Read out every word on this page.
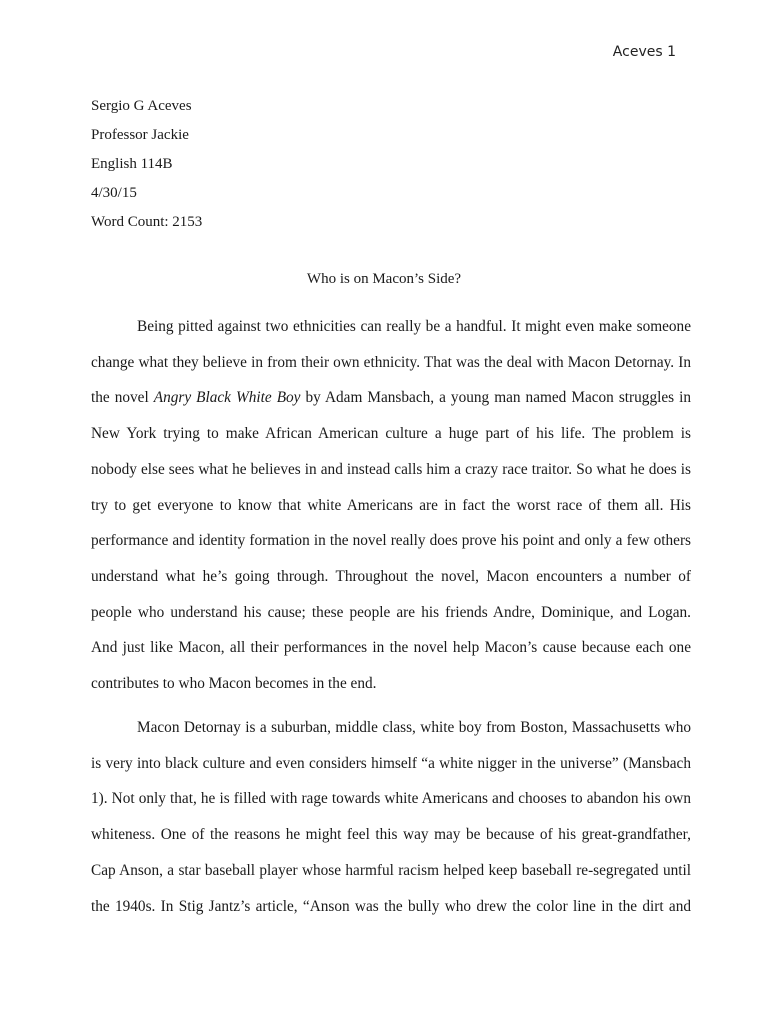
Aceves 1
Sergio G Aceves
Professor Jackie
English 114B
4/30/15
Word Count: 2153
Who is on Macon’s Side?
Being pitted against two ethnicities can really be a handful. It might even make someone
change what they believe in from their own ethnicity. That was the deal with Macon Detornay. In
the novel Angry Black White Boy by Adam Mansbach, a young man named Macon struggles in
New York trying to make African American culture a huge part of his life. The problem is
nobody else sees what he believes in and instead calls him a crazy race traitor. So what he does is
try to get everyone to know that white Americans are in fact the worst race of them all. His
performance and identity formation in the novel really does prove his point and only a few others
understand what he’s going through. Throughout the novel, Macon encounters a number of
people who understand his cause; these people are his friends Andre, Dominique, and Logan.
And just like Macon, all their performances in the novel help Macon’s cause because each one
contributes to who Macon becomes in the end.
Macon Detornay is a suburban, middle class, white boy from Boston, Massachusetts who
is very into black culture and even considers himself “a white nigger in the universe” (Mansbach
1). Not only that, he is filled with rage towards white Americans and chooses to abandon his own
whiteness. One of the reasons he might feel this way may be because of his great-grandfather,
Cap Anson, a star baseball player whose harmful racism helped keep baseball re-segregated until
the 1940s. In Stig Jantz’s article, “Anson was the bully who drew the color line in the dirt and
